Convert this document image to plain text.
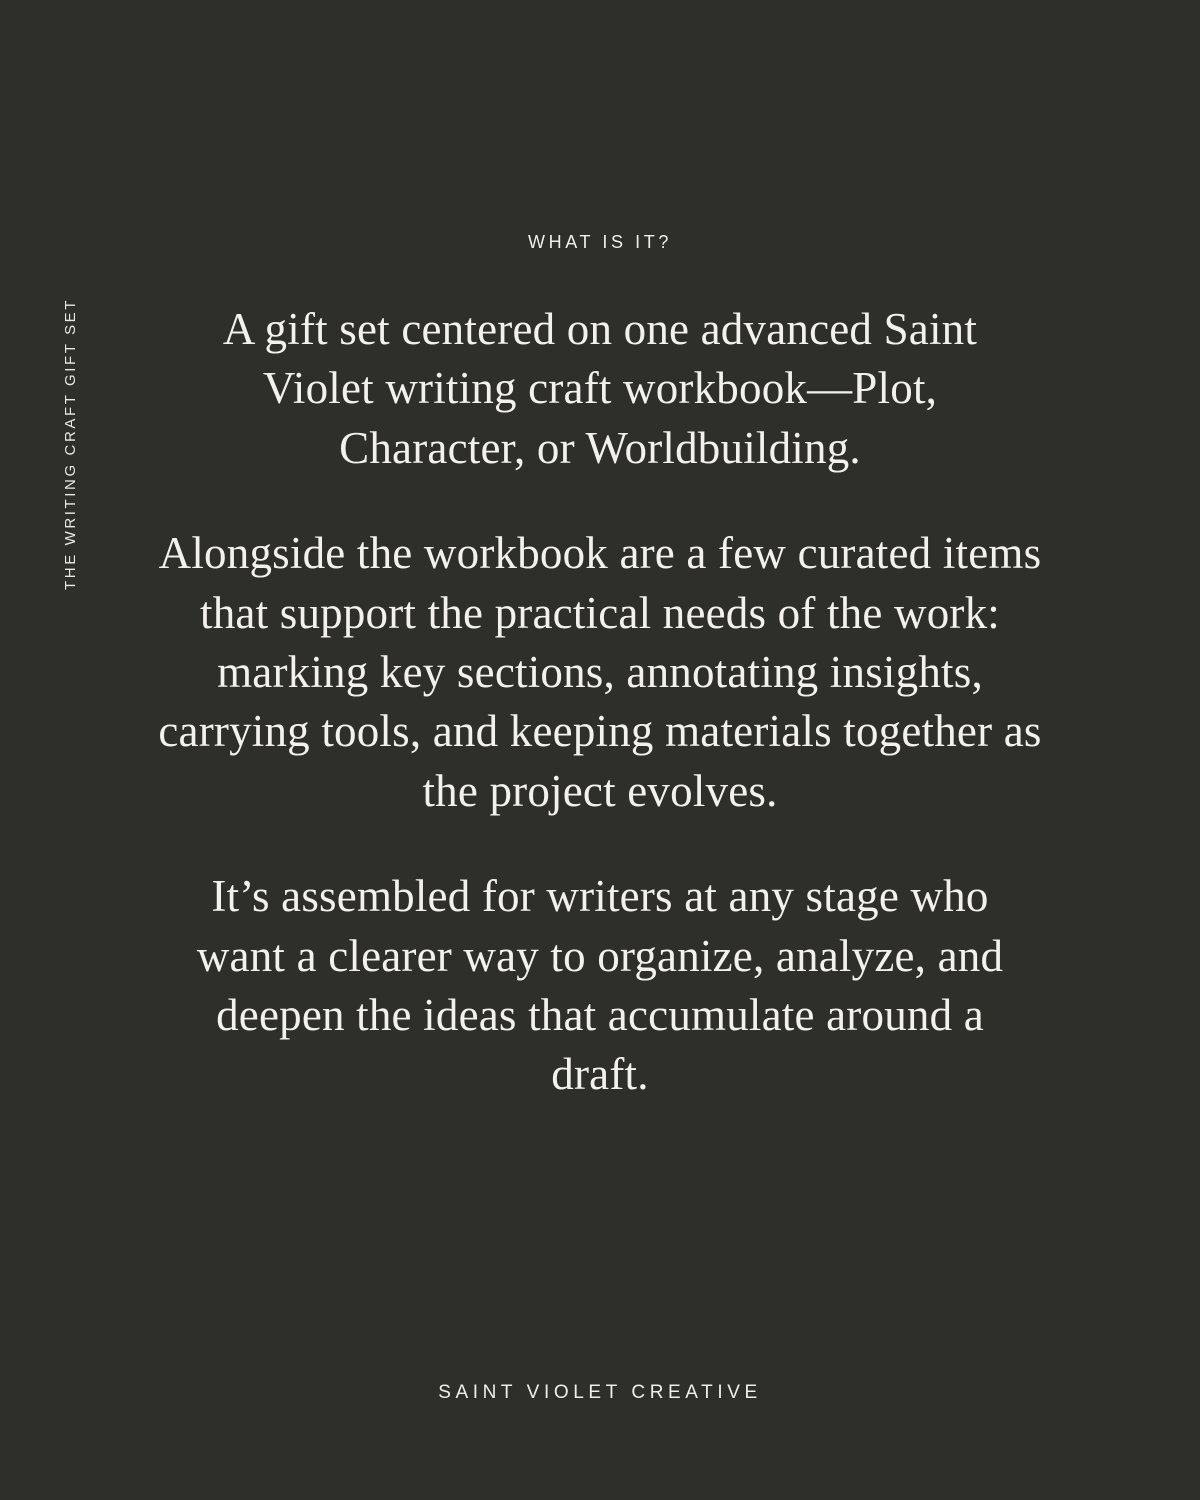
WHAT IS IT?
THE WRITING CRAFT GIFT SET	A gift set centered on one advanced Saint Violet writing craft workbook—Plot, Character, or Worldbuilding.

Alongside the workbook are a few curated items that support the practical needs of the work: marking key sections, annotating insights, carrying tools, and keeping materials together as the project evolves.

It’s assembled for writers at any stage who want a clearer way to organize, analyze, and deepen the ideas that accumulate around a draft.

SAINT VIOLET CREATIVE
